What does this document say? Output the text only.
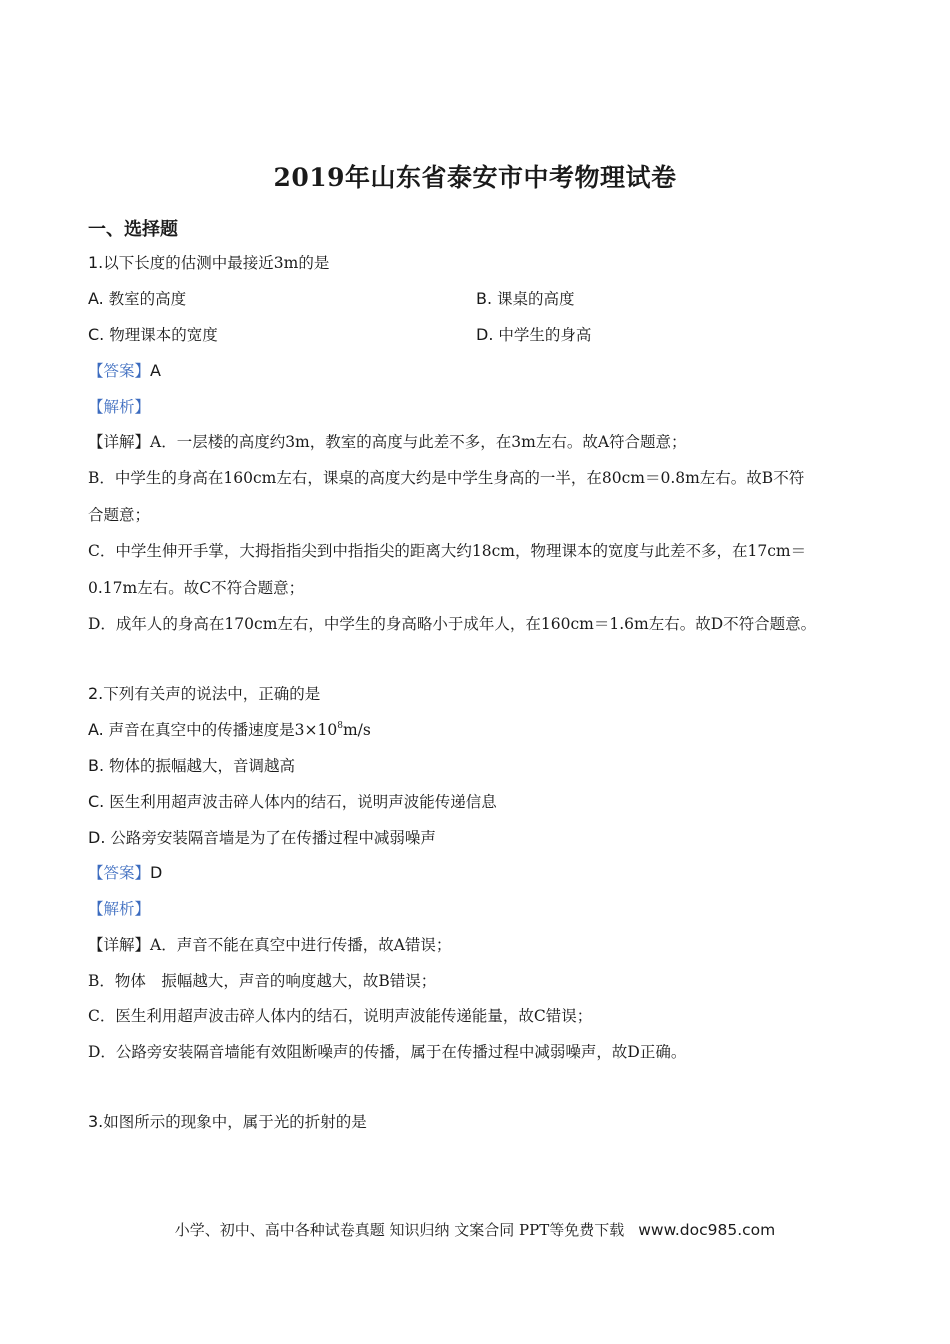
2019年山东省泰安市中考物理试卷
一、选择题
1.以下长度的估测中最接近3m的是
A. 教室的高度	B. 课桌的高度
C. 物理课本的宽度	D. 中学生的身高
【答案】A
【解析】
【详解】A．一层楼的高度约3m，教室的高度与此差不多，在3m左右。故A符合题意；
B．中学生的身高在160cm左右，课桌的高度大约是中学生身高的一半，在80cm＝0.8m左右。故B不符
合题意；
C．中学生伸开手掌，大拇指指尖到中指指尖的距离大约18cm，物理课本的宽度与此差不多，在17cm＝
0.17m左右。故C不符合题意；
D．成年人的身高在170cm左右，中学生的身高略小于成年人，在160cm＝1.6m左右。故D不符合题意。
2.下列有关声的说法中，正确的是
A. 声音在真空中的传播速度是$3\times 10^8m/s$
B. 物体的振幅越大，音调越高
C. 医生利用超声波击碎人体内的结石，说明声波能传递信息
D. 公路旁安装隔音墙是为了在传播过程中减弱噪声
【答案】D
【解析】
【详解】A．声音不能在真空中进行传播，故A错误；
B．物体　振幅越大，声音的响度越大，故B错误；
C．医生利用超声波击碎人体内的结石，说明声波能传递能量，故C错误；
D．公路旁安装隔音墙能有效阻断噪声的传播，属于在传播过程中减弱噪声，故D正确。
3.如图所示的现象中，属于光的折射的是
小学、初中、高中各种试卷真题 知识归纳 文案合同 PPT等免费下载 www.doc985.com
